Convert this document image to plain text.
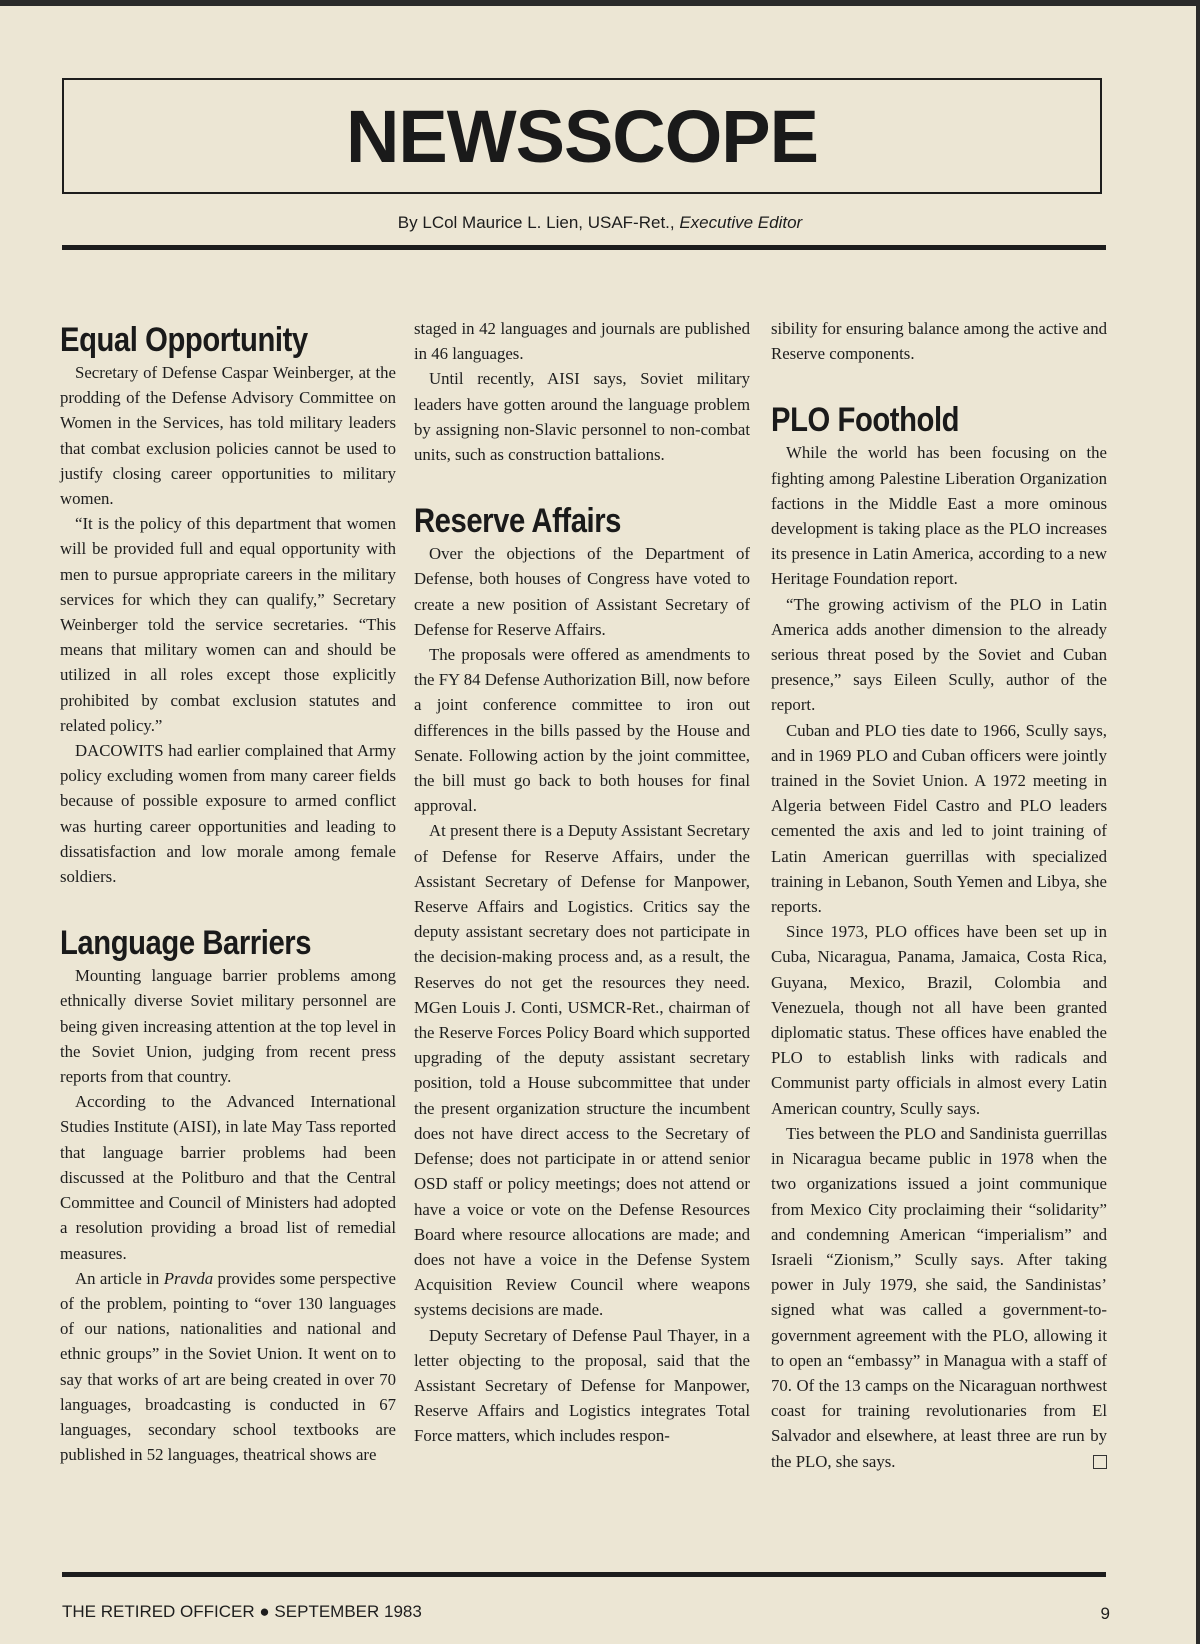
NEWSSCOPE
By LCol Maurice L. Lien, USAF-Ret., Executive Editor
Equal Opportunity

Secretary of Defense Caspar Weinberger, at the prodding of the Defense Advisory Committee on Women in the Services, has told military leaders that combat exclusion policies cannot be used to justify closing career opportunities to military women.

“It is the policy of this department that women will be provided full and equal opportunity with men to pursue appropriate careers in the military services for which they can qualify,” Secretary Weinberger told the service secretaries. “This means that military women can and should be utilized in all roles except those explicitly prohibited by combat exclusion statutes and related policy.”

DACOWITS had earlier complained that Army policy excluding women from many career fields because of possible exposure to armed conflict was hurting career opportunities and leading to dissatisfaction and low morale among female soldiers.

Language Barriers

Mounting language barrier problems among ethnically diverse Soviet military personnel are being given increasing attention at the top level in the Soviet Union, judging from recent press reports from that country.

According to the Advanced International Studies Institute (AISI), in late May Tass reported that language barrier problems had been discussed at the Politburo and that the Central Committee and Council of Ministers had adopted a resolution providing a broad list of remedial measures.

An article in Pravda provides some perspective of the problem, pointing to “over 130 languages of our nations, nationalities and national and ethnic groups” in the Soviet Union. It went on to say that works of art are being created in over 70 languages, broadcasting is conducted in 67 languages, secondary school textbooks are published in 52 languages, theatrical shows are

staged in 42 languages and journals are published in 46 languages.

Until recently, AISI says, Soviet military leaders have gotten around the language problem by assigning non-Slavic personnel to non-combat units, such as construction battalions.

Reserve Affairs

Over the objections of the Department of Defense, both houses of Congress have voted to create a new position of Assistant Secretary of Defense for Reserve Affairs.

The proposals were offered as amendments to the FY 84 Defense Authorization Bill, now before a joint conference committee to iron out differences in the bills passed by the House and Senate. Following action by the joint committee, the bill must go back to both houses for final approval.

At present there is a Deputy Assistant Secretary of Defense for Reserve Affairs, under the Assistant Secretary of Defense for Manpower, Reserve Affairs and Logistics. Critics say the deputy assistant secretary does not participate in the decision-making process and, as a result, the Reserves do not get the resources they need. MGen Louis J. Conti, USMCR-Ret., chairman of the Reserve Forces Policy Board which supported upgrading of the deputy assistant secretary position, told a House subcommittee that under the present organization structure the incumbent does not have direct access to the Secretary of Defense; does not participate in or attend senior OSD staff or policy meetings; does not attend or have a voice or vote on the Defense Resources Board where resource allocations are made; and does not have a voice in the Defense System Acquisition Review Council where weapons systems decisions are made.

Deputy Secretary of Defense Paul Thayer, in a letter objecting to the proposal, said that the Assistant Secretary of Defense for Manpower, Reserve Affairs and Logistics integrates Total Force matters, which includes respon-

sibility for ensuring balance among the active and Reserve components.

PLO Foothold

While the world has been focusing on the fighting among Palestine Liberation Organization factions in the Middle East a more ominous development is taking place as the PLO increases its presence in Latin America, according to a new Heritage Foundation report.

“The growing activism of the PLO in Latin America adds another dimension to the already serious threat posed by the Soviet and Cuban presence,” says Eileen Scully, author of the report.

Cuban and PLO ties date to 1966, Scully says, and in 1969 PLO and Cuban officers were jointly trained in the Soviet Union. A 1972 meeting in Algeria between Fidel Castro and PLO leaders cemented the axis and led to joint training of Latin American guerrillas with specialized training in Lebanon, South Yemen and Libya, she reports.

Since 1973, PLO offices have been set up in Cuba, Nicaragua, Panama, Jamaica, Costa Rica, Guyana, Mexico, Brazil, Colombia and Venezuela, though not all have been granted diplomatic status. These offices have enabled the PLO to establish links with radicals and Communist party officials in almost every Latin American country, Scully says.

Ties between the PLO and Sandinista guerrillas in Nicaragua became public in 1978 when the two organizations issued a joint communique from Mexico City proclaiming their “solidarity” and condemning American “imperialism” and Israeli “Zionism,” Scully says. After taking power in July 1979, she said, the Sandinistas’ signed what was called a government-to-government agreement with the PLO, allowing it to open an “embassy” in Managua with a staff of 70. Of the 13 camps on the Nicaraguan northwest coast for training revolutionaries from El Salvador and elsewhere, at least three are run by the PLO, she says.

THE RETIRED OFFICER ● SEPTEMBER 1983	9
